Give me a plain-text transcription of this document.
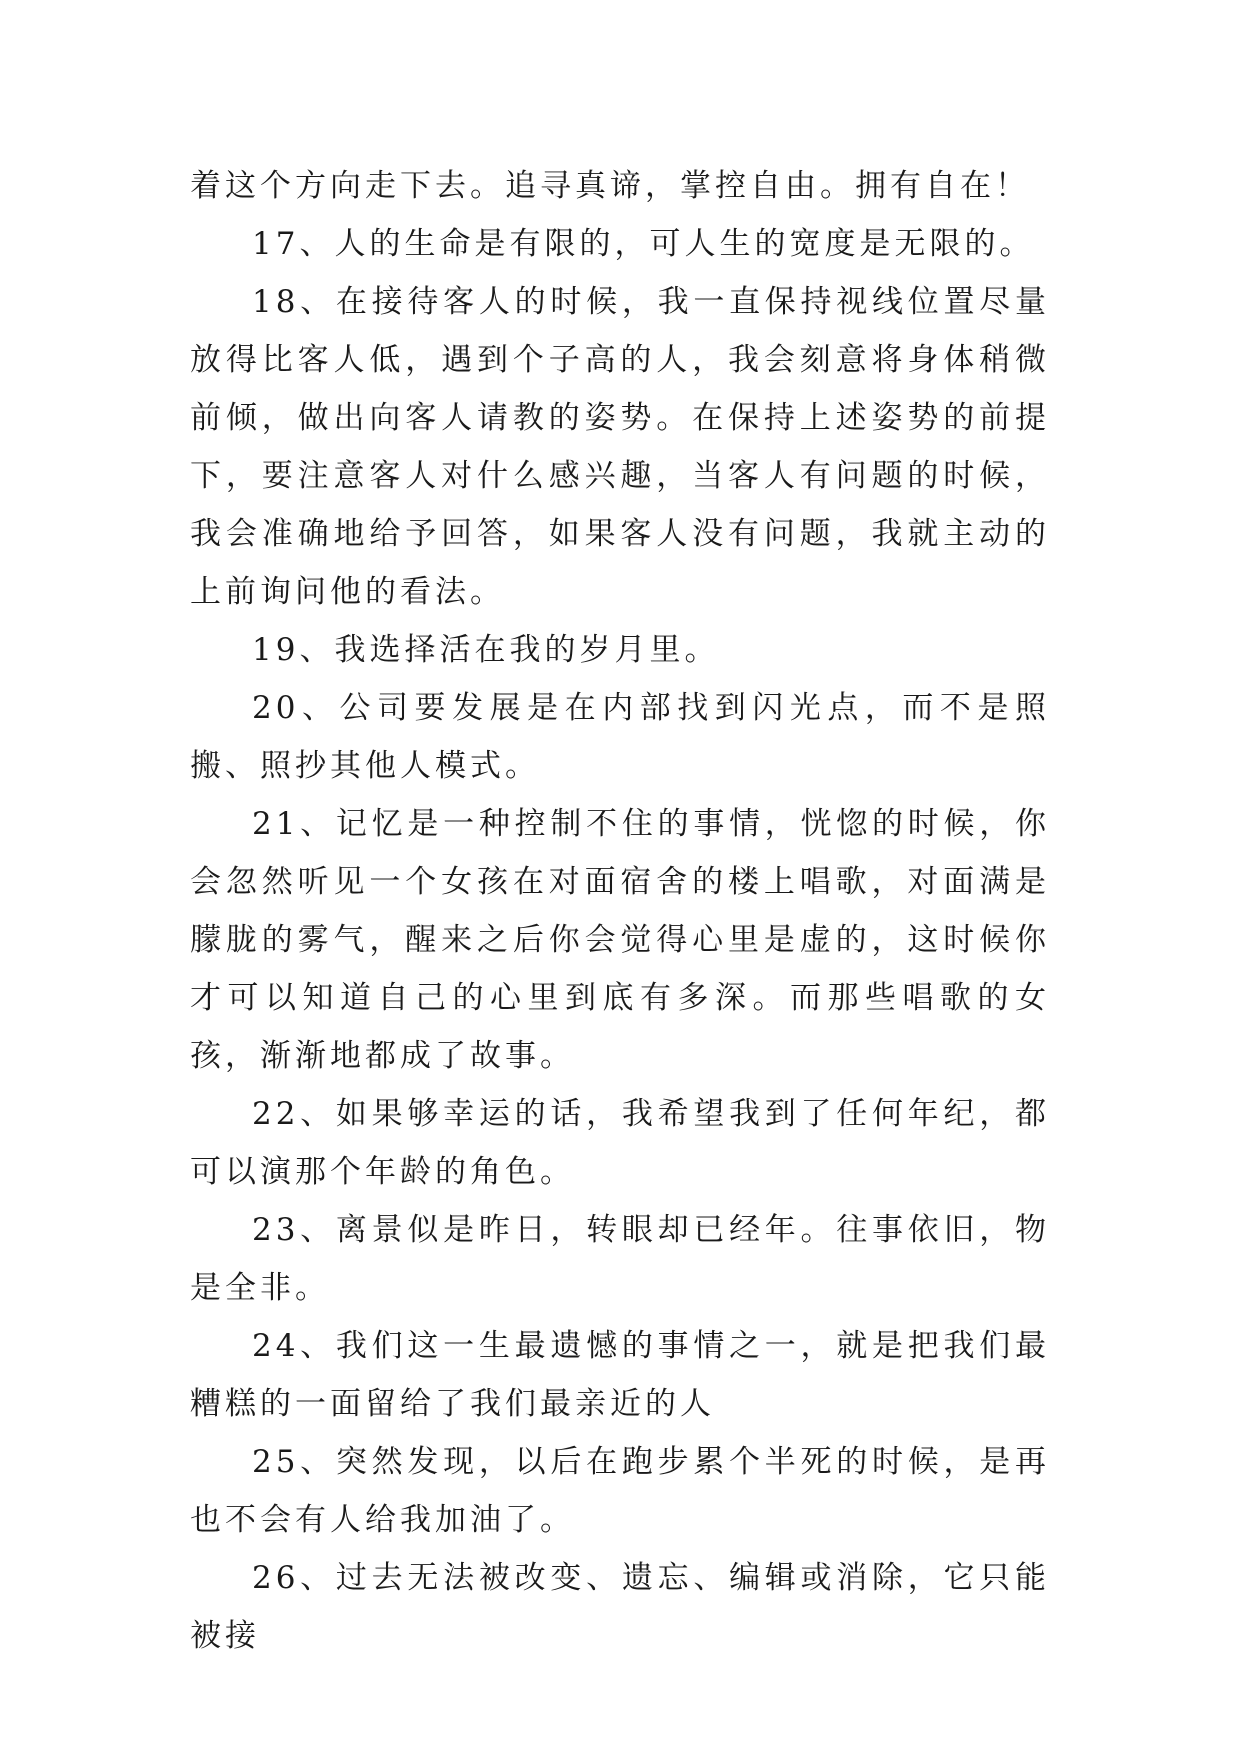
着这个方向走下去。追寻真谛，掌控自由。拥有自在！

17、人的生命是有限的，可人生的宽度是无限的。

18、在接待客人的时候，我一直保持视线位置尽量放得比客人低，遇到个子高的人，我会刻意将身体稍微前倾，做出向客人请教的姿势。在保持上述姿势的前提下，要注意客人对什么感兴趣，当客人有问题的时候，我会准确地给予回答，如果客人没有问题，我就主动的上前询问他的看法。

19、我选择活在我的岁月里。

20、公司要发展是在内部找到闪光点，而不是照搬、照抄其他人模式。

21、记忆是一种控制不住的事情，恍惚的时候，你会忽然听见一个女孩在对面宿舍的楼上唱歌，对面满是朦胧的雾气，醒来之后你会觉得心里是虚的，这时候你才可以知道自己的心里到底有多深。而那些唱歌的女孩，渐渐地都成了故事。

22、如果够幸运的话，我希望我到了任何年纪，都可以演那个年龄的角色。

23、离景似是昨日，转眼却已经年。往事依旧，物是全非。

24、我们这一生最遗憾的事情之一，就是把我们最糟糕的一面留给了我们最亲近的人

25、突然发现，以后在跑步累个半死的时候，是再也不会有人给我加油了。

26、过去无法被改变、遗忘、编辑或消除，它只能被接
